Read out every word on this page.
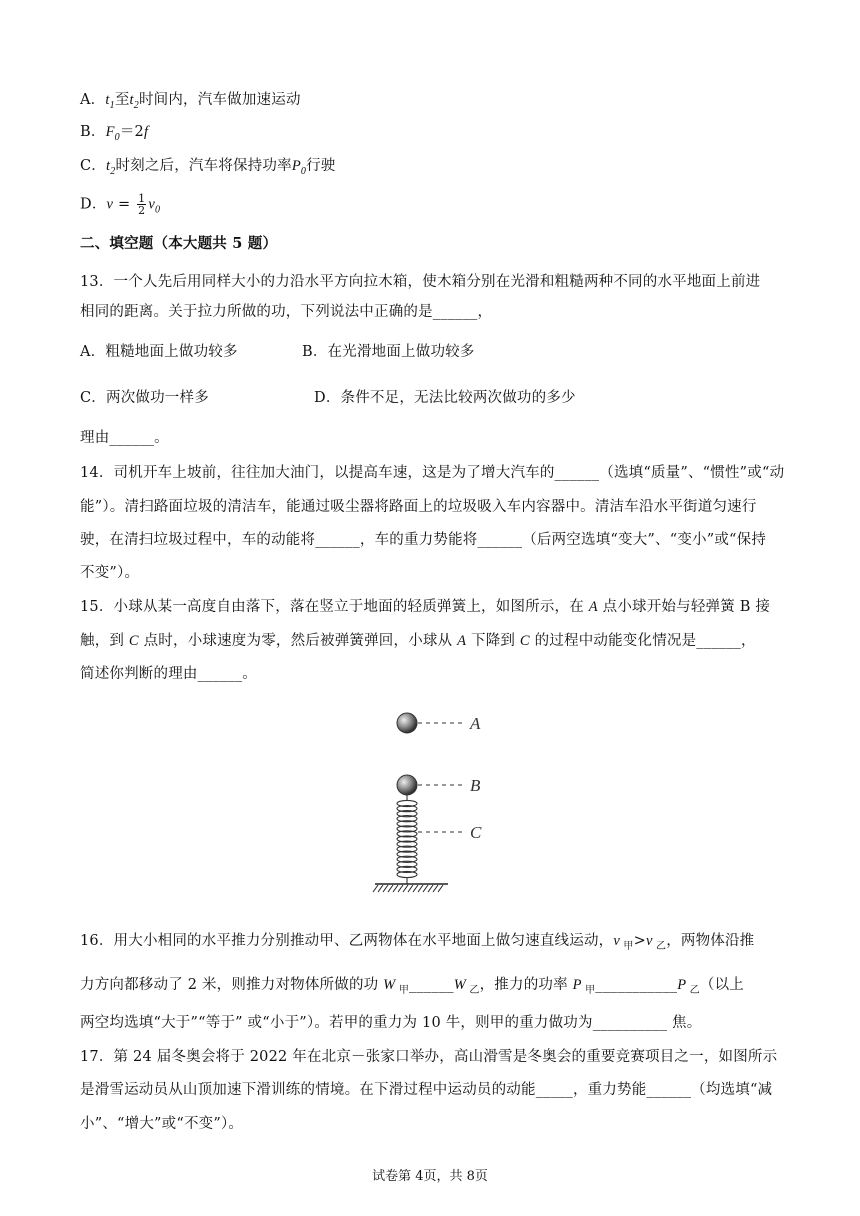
A．$t_1$至$t_2$时间内，汽车做加速运动
B．$F_0=2f$
C．$t_2$时刻之后，汽车将保持功率$P_0$行驶
D．$v = \frac{1}{2} v_0$
二、填空题（本大题共 5 题）
13．一个人先后用同样大小的力沿水平方向拉木箱，使木箱分别在光滑和粗糙两种不同的水平地面上前进
相同的距离。关于拉力所做的功，下列说法中正确的是______，
A．粗糙地面上做功较多	B．在光滑地面上做功较多
C．两次做功一样多	D．条件不足，无法比较两次做功的多少
理由______。
14．司机开车上坡前，往往加大油门，以提高车速，这是为了增大汽车的______（选填“质量”、“惯性”或“动
能”）。清扫路面垃圾的清洁车，能通过吸尘器将路面上的垃圾吸入车内容器中。清洁车沿水平街道匀速行
驶，在清扫垃圾过程中，车的动能将______，车的重力势能将______（后两空选填“变大”、“变小”或“保持
不变”）。
15．小球从某一高度自由落下，落在竖立于地面的轻质弹簧上，如图所示，在 A 点小球开始与轻弹簧 B 接
触，到 C 点时，小球速度为零，然后被弹簧弹回，小球从 A 下降到 C 的过程中动能变化情况是______，
简述你判断的理由______。
A
B
C
16．用大小相同的水平推力分别推动甲、乙两物体在水平地面上做匀速直线运动，v $_甲$>v $_乙$，两物体沿推
力方向都移动了 2 米，则推力对物体所做的功 W $_甲$______W $_乙$，推力的功率 P $_甲$___________P $_乙$（以上
两空均选填“大于”“等于” 或“小于”）。若甲的重力为 10 牛，则甲的重力做功为__________ 焦。
17．第 24 届冬奥会将于 2022 年在北京－张家口举办，高山滑雪是冬奥会的重要竞赛项目之一，如图所示
是滑雪运动员从山顶加速下滑训练的情境。在下滑过程中运动员的动能_____，重力势能______（均选填“减
小”、“增大”或“不变”）。
试卷第 4页，共 8页
